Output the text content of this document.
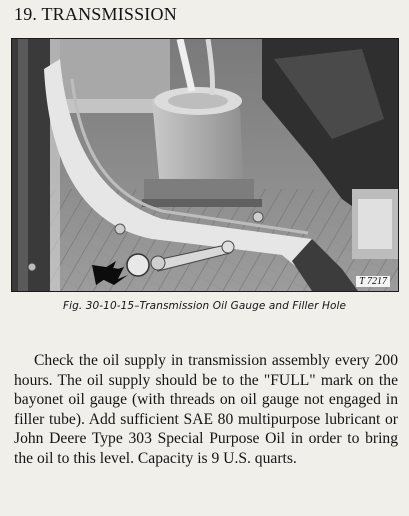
19. TRANSMISSION
T 7217
Fig. 30-10-15–Transmission Oil Gauge and Filler Hole

Check the oil supply in transmission assembly every 200 hours. The oil supply should be to the "FULL" mark on the bayonet oil gauge (with threads on oil gauge not engaged in filler tube). Add sufficient SAE 80 multipurpose lubricant or John Deere Type 303 Special Purpose Oil in order to bring the oil to this level. Capacity is 9 U.S. quarts.
